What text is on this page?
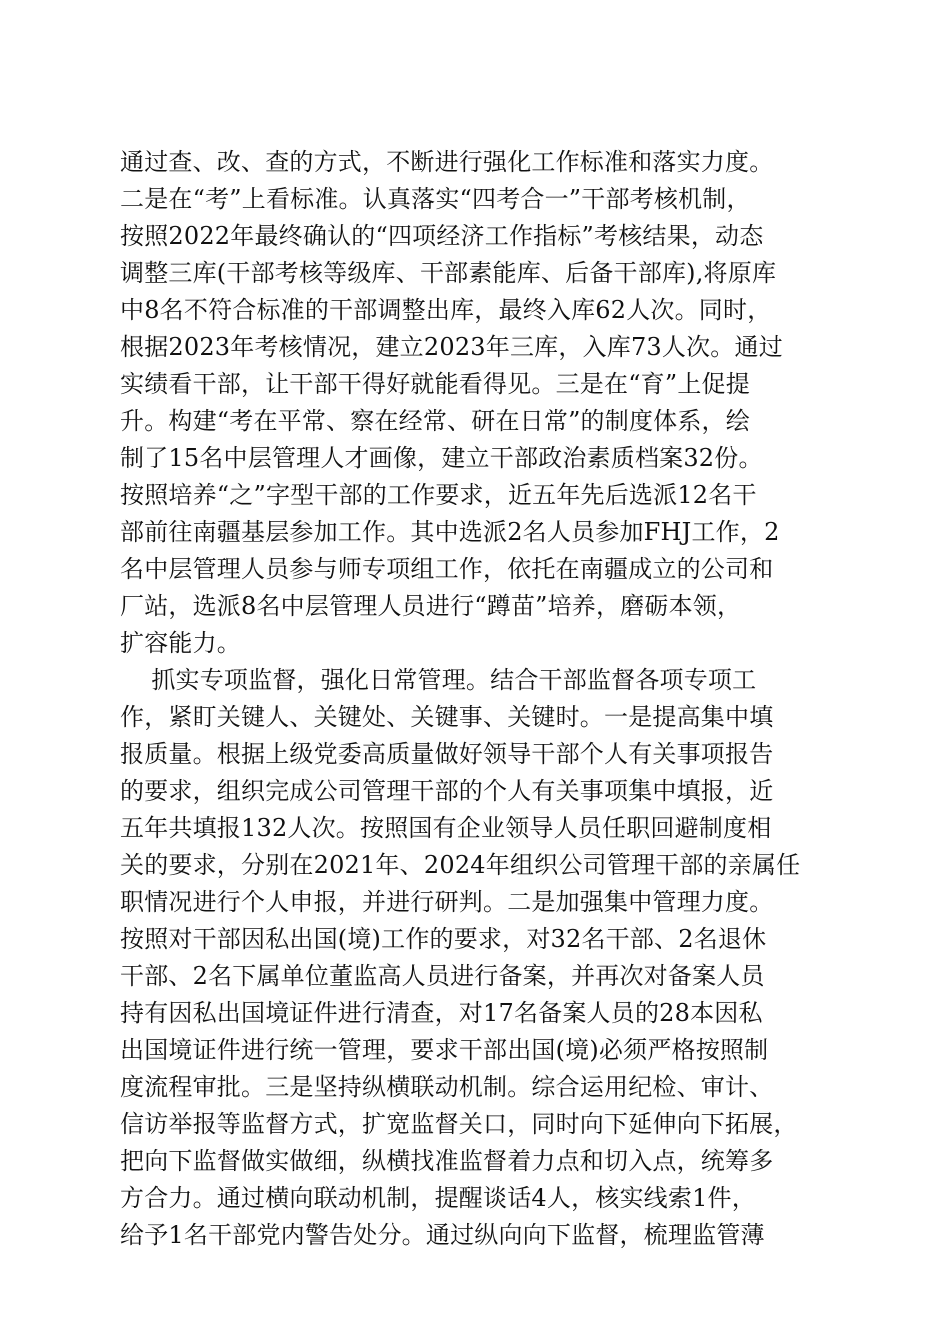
通过查、改、查的方式，不断进行强化工作标准和落实力度。
二是在“考”上看标准。认真落实“四考合一”干部考核机制，
按照2022年最终确认的“四项经济工作指标”考核结果，动态
调整三库(干部考核等级库、干部素能库、后备干部库),将原库
中8名不符合标准的干部调整出库，最终入库62人次。同时，
根据2023年考核情况，建立2023年三库，入库73人次。通过
实绩看干部，让干部干得好就能看得见。三是在“育”上促提
升。构建“考在平常、察在经常、研在日常”的制度体系，绘
制了15名中层管理人才画像，建立干部政治素质档案32份。
按照培养“之”字型干部的工作要求，近五年先后选派12名干
部前往南疆基层参加工作。其中选派2名人员参加FHJ工作，2
名中层管理人员参与师专项组工作，依托在南疆成立的公司和
厂站，选派8名中层管理人员进行“蹲苗”培养，磨砺本领，
扩容能力。
抓实专项监督，强化日常管理。结合干部监督各项专项工
作，紧盯关键人、关键处、关键事、关键时。一是提高集中填
报质量。根据上级党委高质量做好领导干部个人有关事项报告
的要求，组织完成公司管理干部的个人有关事项集中填报，近
五年共填报132人次。按照国有企业领导人员任职回避制度相
关的要求，分别在2021年、2024年组织公司管理干部的亲属任
职情况进行个人申报，并进行研判。二是加强集中管理力度。
按照对干部因私出国(境)工作的要求，对32名干部、2名退休
干部、2名下属单位董监高人员进行备案，并再次对备案人员
持有因私出国境证件进行清查，对17名备案人员的28本因私
出国境证件进行统一管理，要求干部出国(境)必须严格按照制
度流程审批。三是坚持纵横联动机制。综合运用纪检、审计、
信访举报等监督方式，扩宽监督关口，同时向下延伸向下拓展，
把向下监督做实做细，纵横找准监督着力点和切入点，统筹多
方合力。通过横向联动机制，提醒谈话4人，核实线索1件，
给予1名干部党内警告处分。通过纵向向下监督，梳理监管薄
